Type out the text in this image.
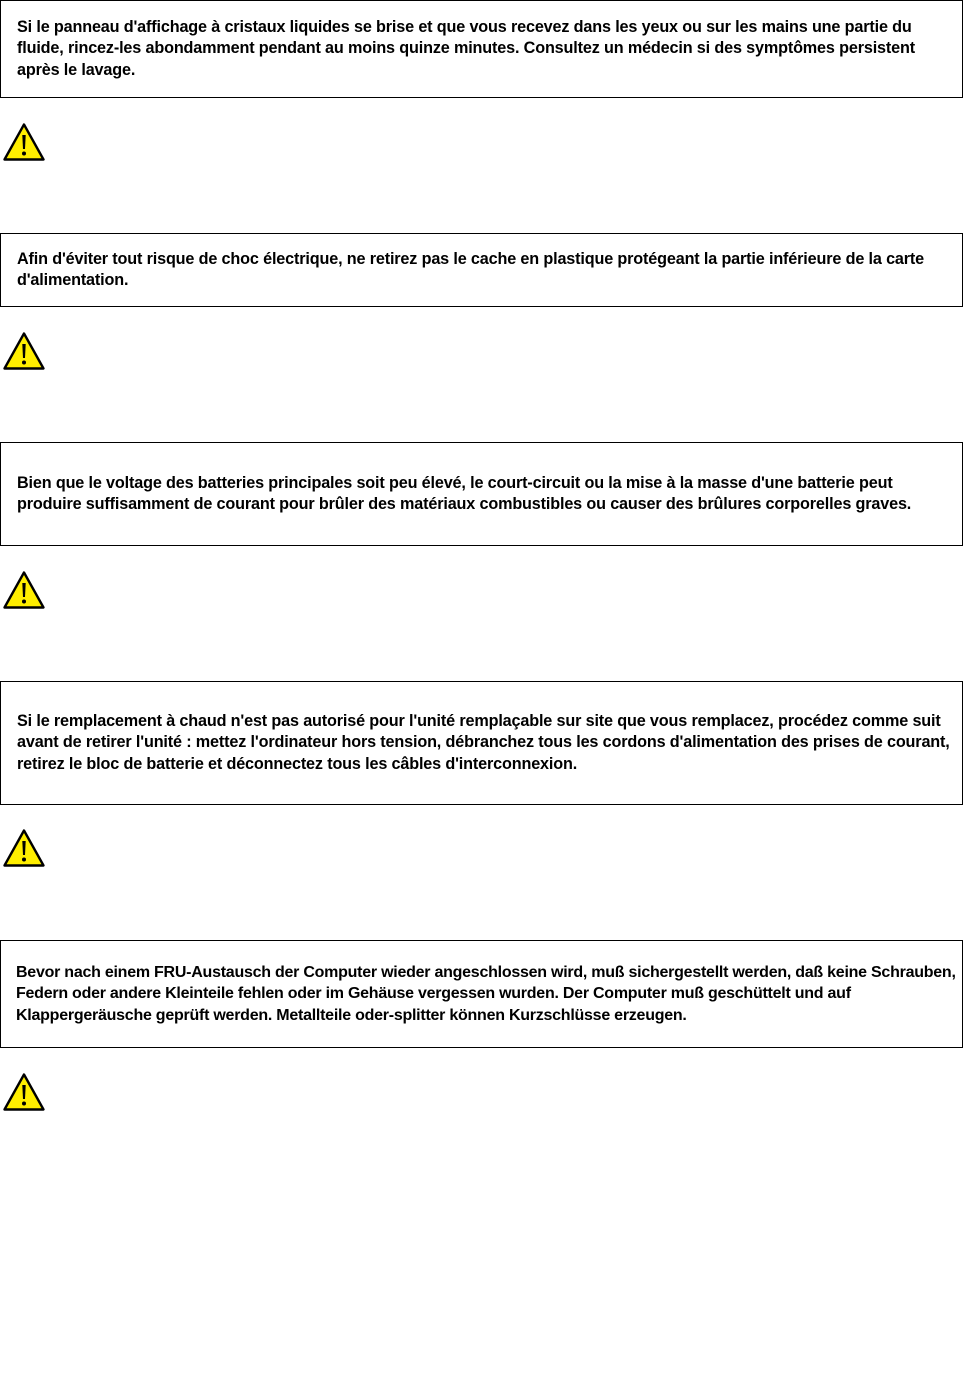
Si le panneau d'affichage à cristaux liquides se brise et que vous recevez dans les yeux ou sur les mains une partie du fluide, rincez-les abondamment pendant au moins quinze minutes. Consultez un médecin si des symptômes persistent après le lavage.

Afin d'éviter tout risque de choc électrique, ne retirez pas le cache en plastique protégeant la partie inférieure de la carte d'alimentation.

Bien que le voltage des batteries principales soit peu élevé, le court-circuit ou la mise à la masse d'une batterie peut produire suffisamment de courant pour brûler des matériaux combustibles ou causer des brûlures corporelles graves.

Si le remplacement à chaud n'est pas autorisé pour l'unité remplaçable sur site que vous remplacez, procédez comme suit avant de retirer l'unité : mettez l'ordinateur hors tension, débranchez tous les cordons d'alimentation des prises de courant, retirez le bloc de batterie et déconnectez tous les câbles d'interconnexion.

Bevor nach einem FRU-Austausch der Computer wieder angeschlossen wird, muß sichergestellt werden, daß keine Schrauben, Federn oder andere Kleinteile fehlen oder im Gehäuse vergessen wurden. Der Computer muß geschüttelt und auf Klappergeräusche geprüft werden. Metallteile oder-splitter können Kurzschlüsse erzeugen.
